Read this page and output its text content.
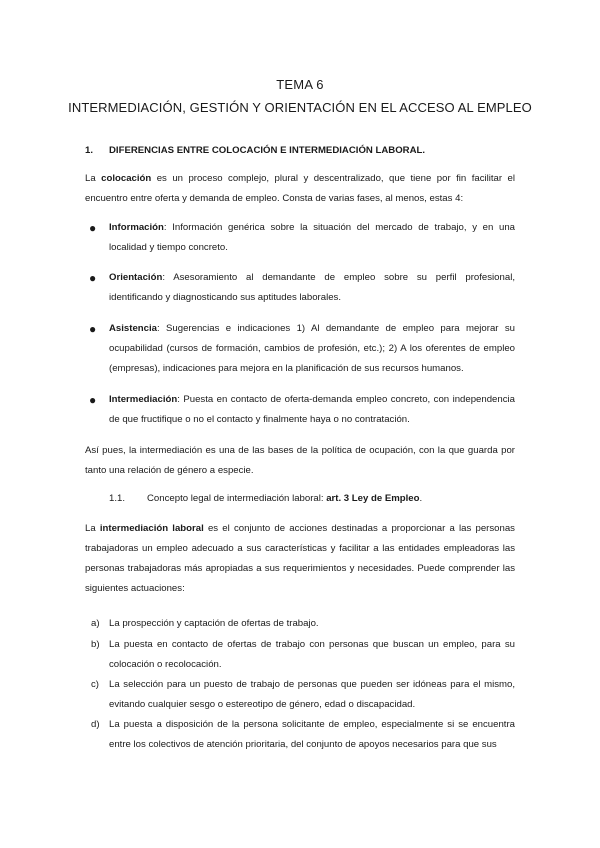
TEMA 6
INTERMEDIACIÓN, GESTIÓN Y ORIENTACIÓN EN EL ACCESO AL EMPLEO
1. DIFERENCIAS ENTRE COLOCACIÓN E INTERMEDIACIÓN LABORAL.

La colocación es un proceso complejo, plural y descentralizado, que tiene por fin facilitar el encuentro entre oferta y demanda de empleo. Consta de varias fases, al menos, estas 4:

● Información: Información genérica sobre la situación del mercado de trabajo, y en una localidad y tiempo concreto.

● Orientación: Asesoramiento al demandante de empleo sobre su perfil profesional, identificando y diagnosticando sus aptitudes laborales.

● Asistencia: Sugerencias e indicaciones 1) Al demandante de empleo para mejorar su ocupabilidad (cursos de formación, cambios de profesión, etc.); 2) A los oferentes de empleo (empresas), indicaciones para mejora en la planificación de sus recursos humanos.

● Intermediación: Puesta en contacto de oferta-demanda empleo concreto, con independencia de que fructifique o no el contacto y finalmente haya o no contratación.

Así pues, la intermediación es una de las bases de la política de ocupación, con la que guarda por tanto una relación de género a especie.

1.1. Concepto legal de intermediación laboral: art. 3 Ley de Empleo.

La intermediación laboral es el conjunto de acciones destinadas a proporcionar a las personas trabajadoras un empleo adecuado a sus características y facilitar a las entidades empleadoras las personas trabajadoras más apropiadas a sus requerimientos y necesidades. Puede comprender las siguientes actuaciones:

a) La prospección y captación de ofertas de trabajo.

b) La puesta en contacto de ofertas de trabajo con personas que buscan un empleo, para su colocación o recolocación.

c) La selección para un puesto de trabajo de personas que pueden ser idóneas para el mismo, evitando cualquier sesgo o estereotipo de género, edad o discapacidad.

d) La puesta a disposición de la persona solicitante de empleo, especialmente si se encuentra entre los colectivos de atención prioritaria, del conjunto de apoyos necesarios para que sus
